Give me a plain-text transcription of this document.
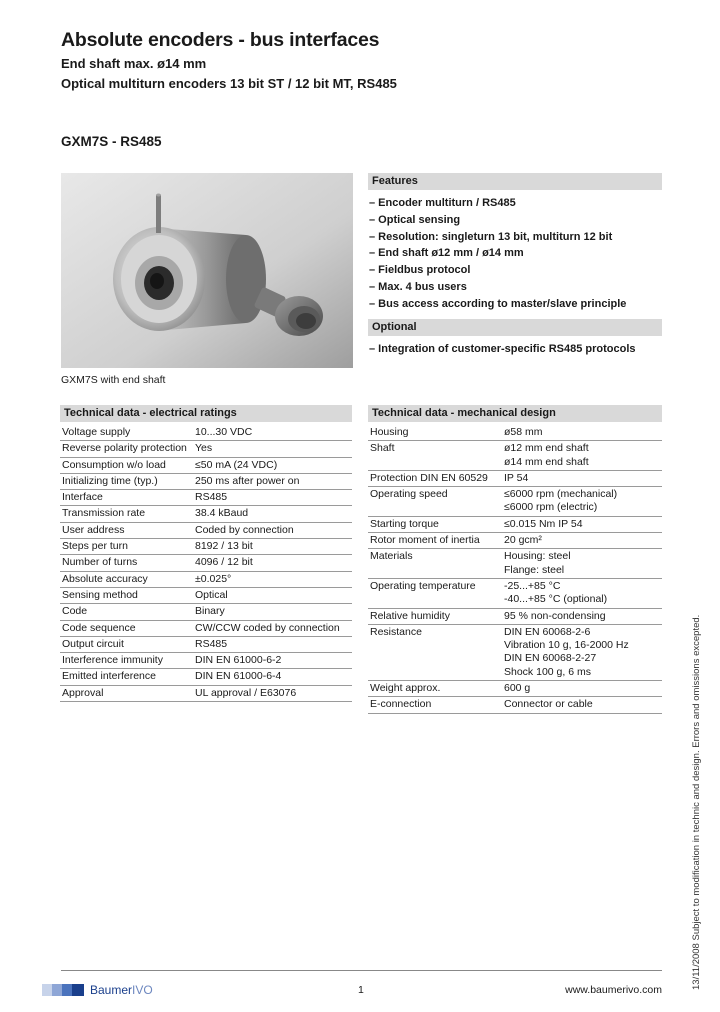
Absolute encoders - bus interfaces
End shaft max. ø14 mm
Optical multiturn encoders 13 bit ST / 12 bit MT, RS485
GXM7S - RS485
GXM7S with end shaft
Features
– Encoder multiturn / RS485
– Optical sensing
– Resolution: singleturn 13 bit, multiturn 12 bit
– End shaft ø12 mm / ø14 mm
– Fieldbus protocol
– Max. 4 bus users
– Bus access according to master/slave principle
Optional
– Integration of customer-specific RS485 protocols
Technical data - electrical ratings
Voltage supply	10...30 VDC
Reverse polarity protection	Yes
Consumption w/o load	≤50 mA (24 VDC)
Initializing time (typ.)	250 ms after power on
Interface	RS485
Transmission rate	38.4 kBaud
User address	Coded by connection
Steps per turn	8192 / 13 bit
Number of turns	4096 / 12 bit
Absolute accuracy	±0.025°
Sensing method	Optical
Code	Binary
Code sequence	CW/CCW coded by connection
Output circuit	RS485
Interference immunity	DIN EN 61000-6-2
Emitted interference	DIN EN 61000-6-4
Approval	UL approval / E63076
Technical data - mechanical design
Housing	ø58 mm
Shaft	ø12 mm end shaft
ø14 mm end shaft
Protection DIN EN 60529	IP 54
Operating speed	≤6000 rpm (mechanical)
≤6000 rpm (electric)
Starting torque	≤0.015 Nm IP 54
Rotor moment of inertia	20 gcm²
Materials	Housing: steel
Flange: steel
Operating temperature	-25...+85 °C
-40...+85 °C (optional)
Relative humidity	95 % non-condensing
Resistance	DIN EN 60068-2-6
Vibration 10 g, 16-2000 Hz
DIN EN 60068-2-27
Shock 100 g, 6 ms
Weight approx.	600 g
E-connection	Connector or cable	13/11/2008 Subject to modification in technic and design. Errors and omissions excepted.
Baumer IVO	1	www.baumerivo.com
